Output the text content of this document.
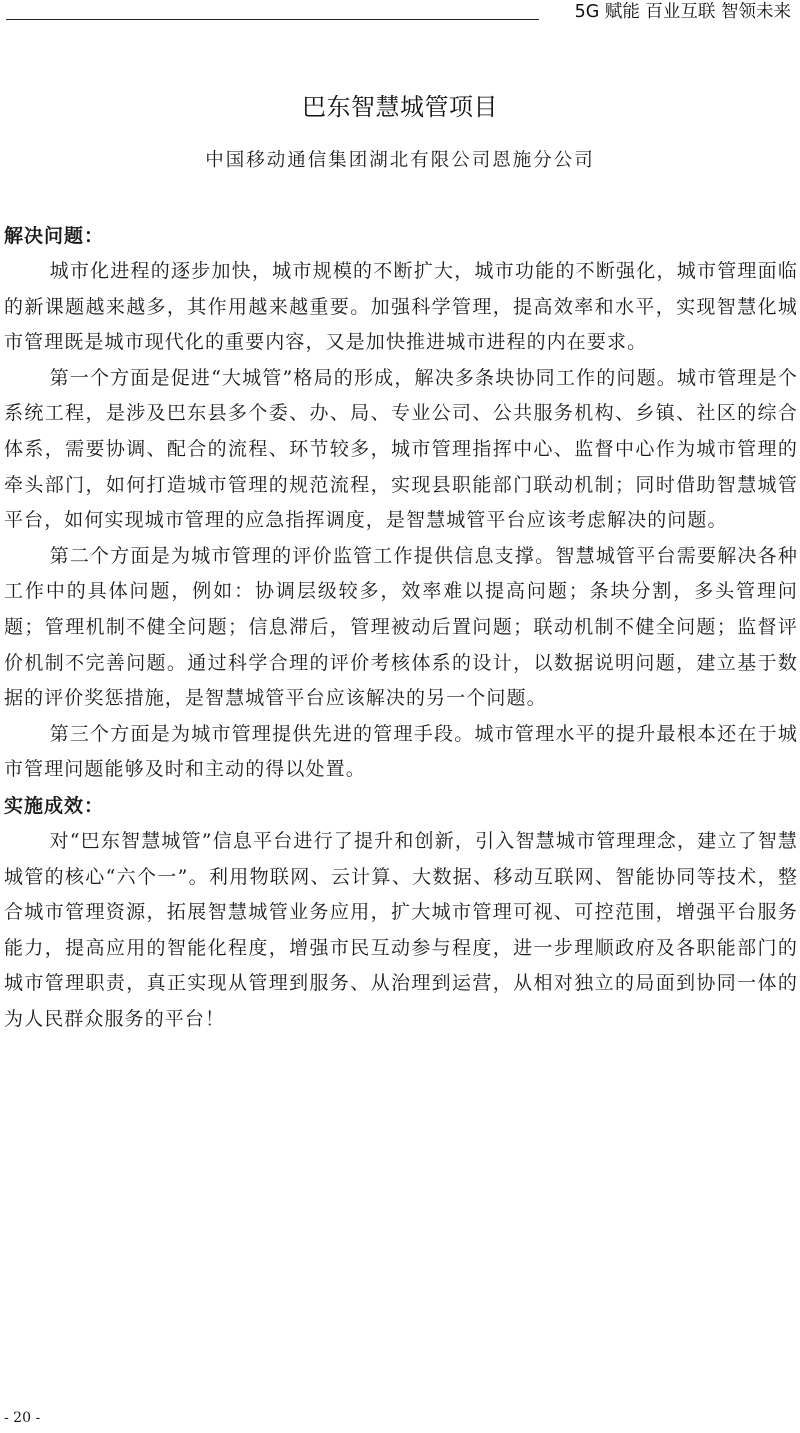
5G 赋能 百业互联 智领未来
巴东智慧城管项目
中国移动通信集团湖北有限公司恩施分公司
解决问题：

城市化进程的逐步加快，城市规模的不断扩大，城市功能的不断强化，城市管理面临的新课题越来越多，其作用越来越重要。加强科学管理，提高效率和水平，实现智慧化城市管理既是城市现代化的重要内容，又是加快推进城市进程的内在要求。

第一个方面是促进“大城管”格局的形成，解决多条块协同工作的问题。城市管理是个系统工程，是涉及巴东县多个委、办、局、专业公司、公共服务机构、乡镇、社区的综合体系，需要协调、配合的流程、环节较多，城市管理指挥中心、监督中心作为城市管理的牵头部门，如何打造城市管理的规范流程，实现县职能部门联动机制；同时借助智慧城管平台，如何实现城市管理的应急指挥调度，是智慧城管平台应该考虑解决的问题。

第二个方面是为城市管理的评价监管工作提供信息支撑。智慧城管平台需要解决各种工作中的具体问题，例如：协调层级较多，效率难以提高问题；条块分割，多头管理问题；管理机制不健全问题；信息滞后，管理被动后置问题；联动机制不健全问题；监督评价机制不完善问题。通过科学合理的评价考核体系的设计，以数据说明问题，建立基于数据的评价奖惩措施，是智慧城管平台应该解决的另一个问题。

第三个方面是为城市管理提供先进的管理手段。城市管理水平的提升最根本还在于城市管理问题能够及时和主动的得以处置。

实施成效：

对“巴东智慧城管”信息平台进行了提升和创新，引入智慧城市管理理念，建立了智慧城管的核心“六个一”。利用物联网、云计算、大数据、移动互联网、智能协同等技术，整合城市管理资源，拓展智慧城管业务应用，扩大城市管理可视、可控范围，增强平台服务能力，提高应用的智能化程度，增强市民互动参与程度，进一步理顺政府及各职能部门的城市管理职责，真正实现从管理到服务、从治理到运营，从相对独立的局面到协同一体的为人民群众服务的平台！

- 20 -
